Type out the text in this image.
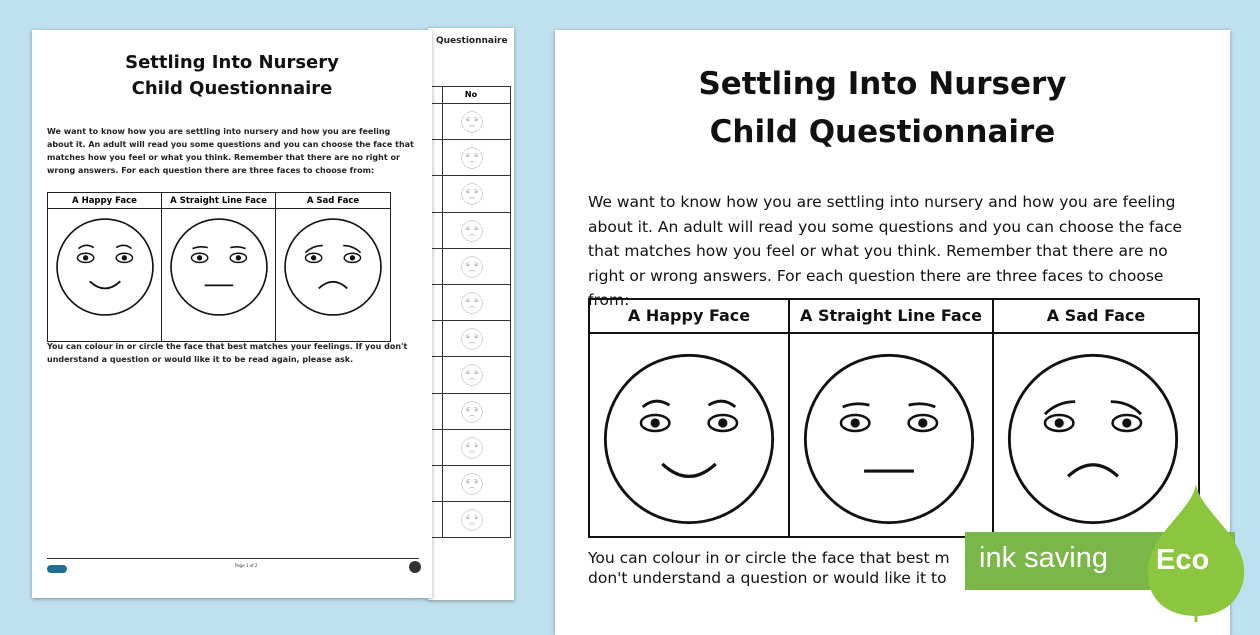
Questionnaire
No
Settling Into Nursery
Child Questionnaire
We want to know how you are settling into nursery and how you are feeling about it. An adult will read you some questions and you can choose the face that matches how you feel or what you think. Remember that there are no right or wrong answers. For each question there are three faces to choose from:
A Happy Face	A Straight Line Face	A Sad Face
You can colour in or circle the face that best matches your feelings. If you don't understand a question or would like it to be read again, please ask.
Page 1 of 2
Settling Into Nursery
Child Questionnaire
We want to know how you are settling into nursery and how you are feeling about it. An adult will read you some questions and you can choose the face that matches how you feel or what you think. Remember that there are no right or wrong answers. For each question there are three faces to choose from:
A Happy Face	A Straight Line Face	A Sad Face
You can colour in or circle the face that best m
don't understand a question or would like it to
ink saving Eco
